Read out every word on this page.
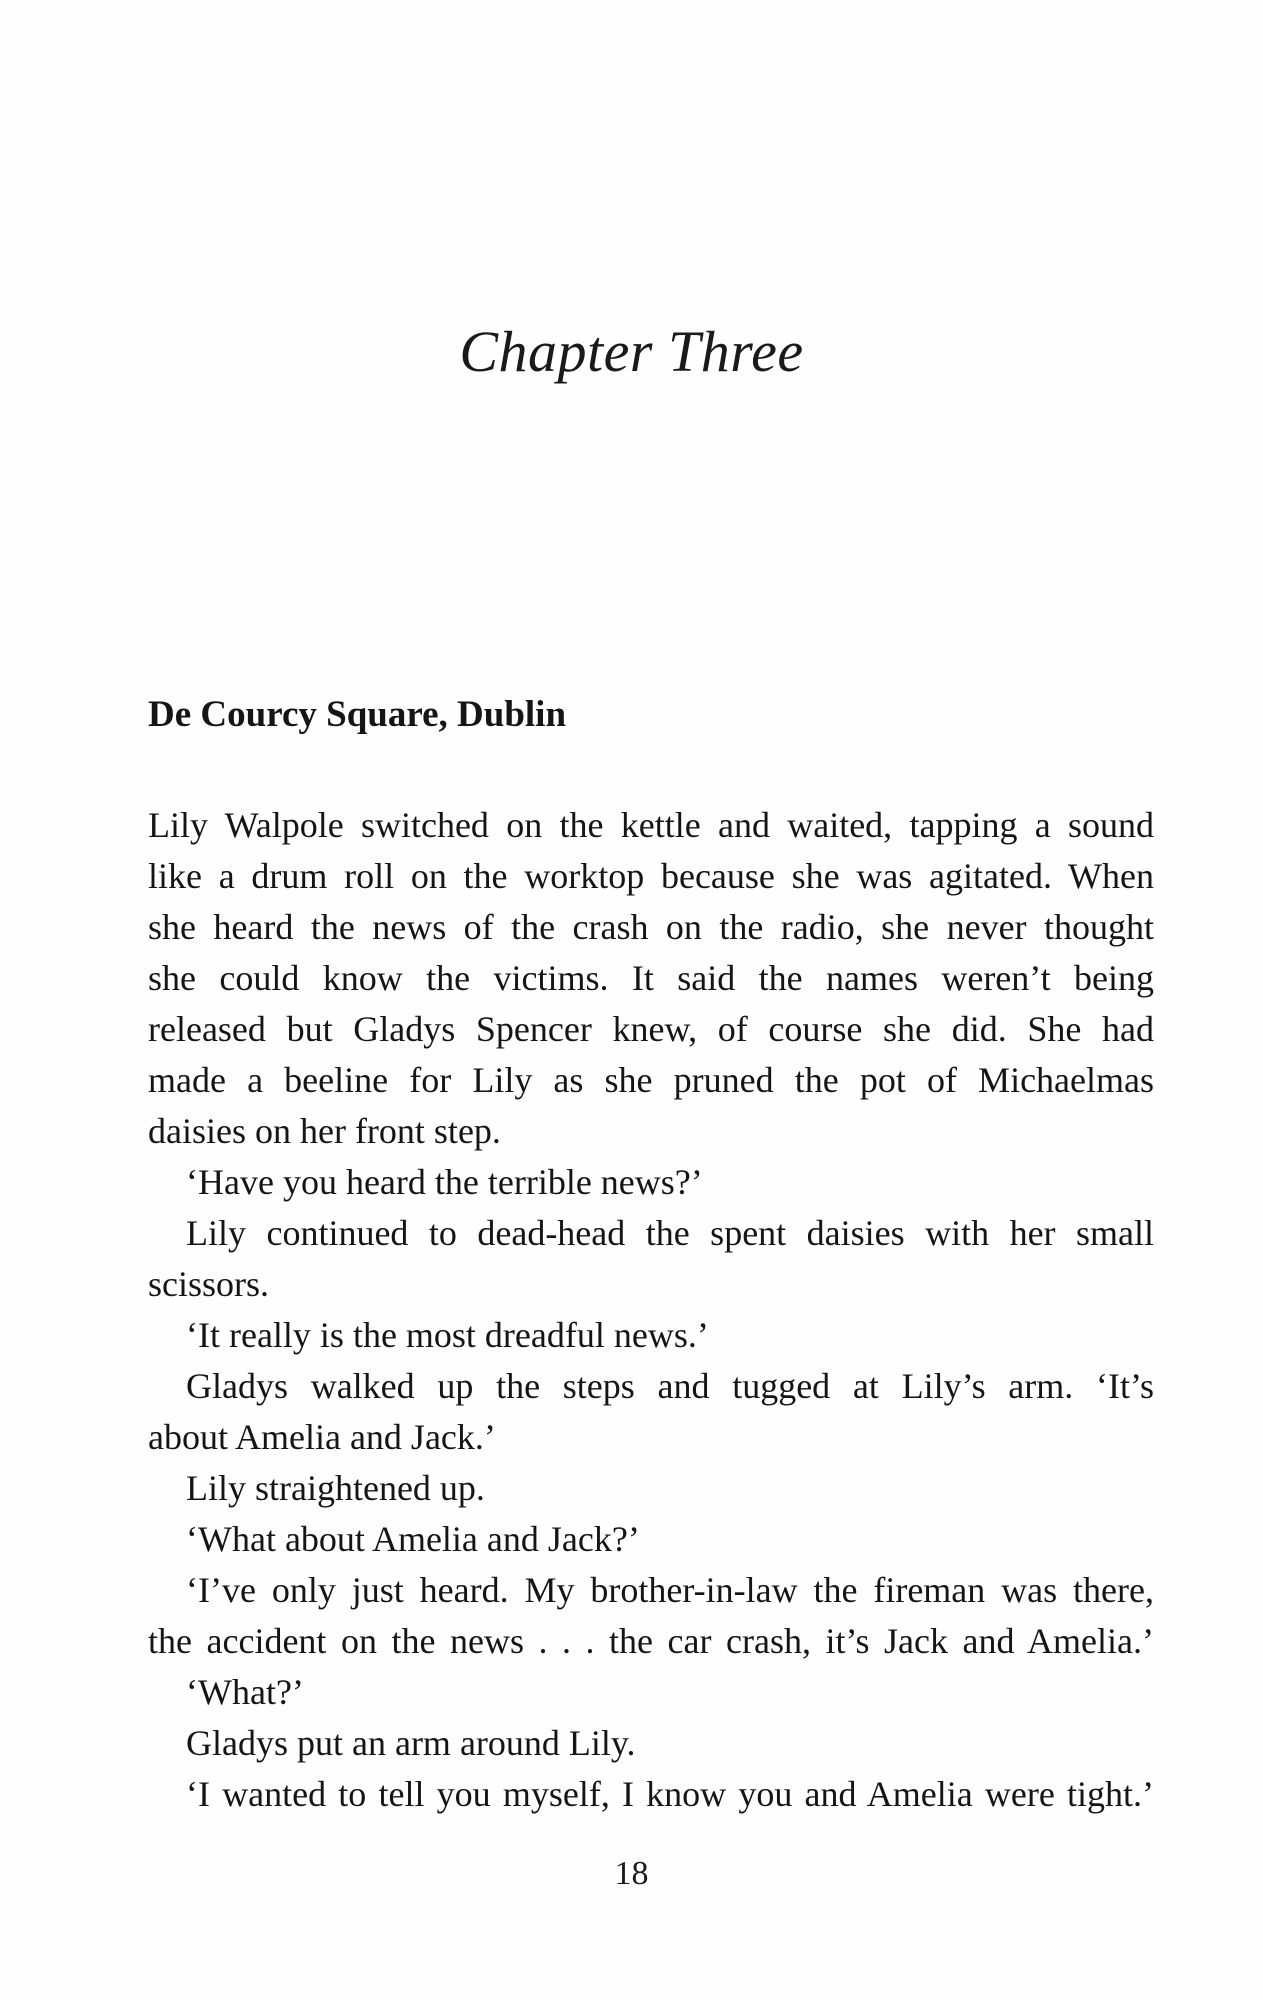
Chapter Three
De Courcy Square, Dublin

Lily Walpole switched on the kettle and waited, tapping a sound
like a drum roll on the worktop because she was agitated. When
she heard the news of the crash on the radio, she never thought
she could know the victims. It said the names weren’t being
released but Gladys Spencer knew, of course she did. She had
made a beeline for Lily as she pruned the pot of Michaelmas
daisies on her front step.

‘Have you heard the terrible news?’

Lily continued to dead-head the spent daisies with her small
scissors.

‘It really is the most dreadful news.’

Gladys walked up the steps and tugged at Lily’s arm. ‘It’s
about Amelia and Jack.’

Lily straightened up.

‘What about Amelia and Jack?’

‘I’ve only just heard. My brother-in-law the fireman was there,
the accident on the news . . . the car crash, it’s Jack and Amelia.’

‘What?’

Gladys put an arm around Lily.

‘I wanted to tell you myself, I know you and Amelia were tight.’

18
